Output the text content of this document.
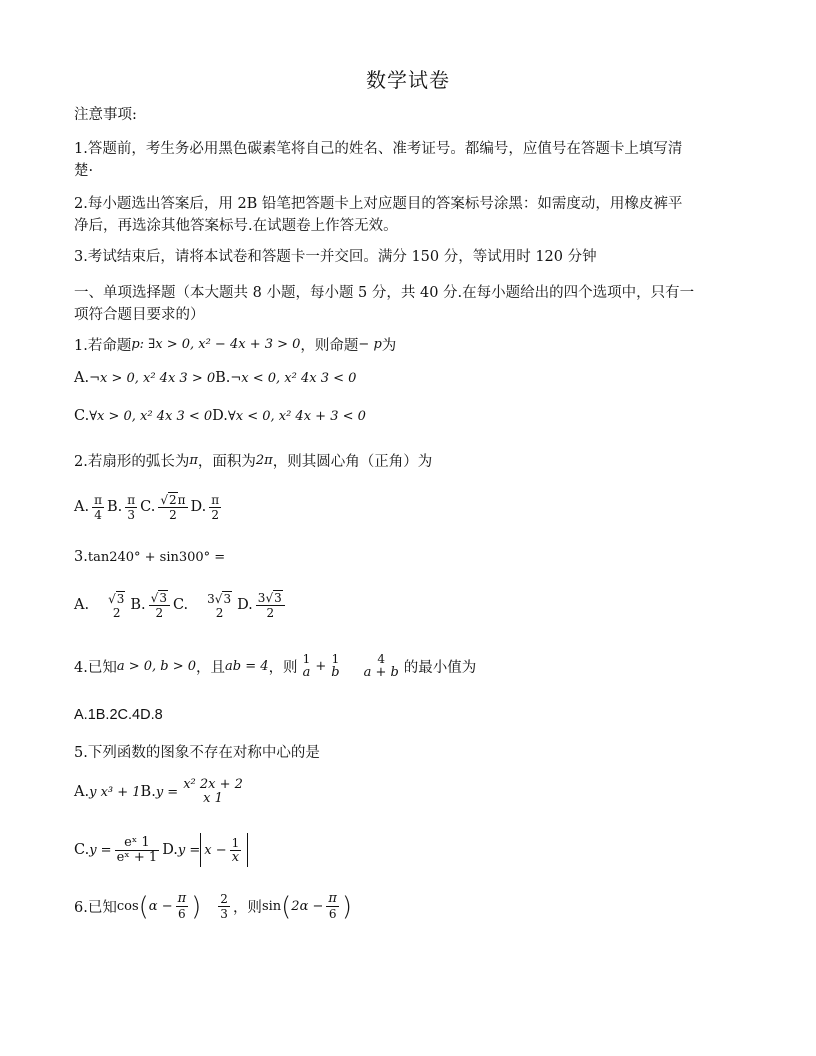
数学试卷
注意事项:
1.答题前，考生务必用黑色碳素笔将自己的姓名、准考证号。都编号，应值号在答题卡上填写清
楚·
2.每小题选出答案后，用 2B 铅笔把答题卡上对应题目的答案标号涂黑：如需度动，用橡皮裤平
净后，再选涂其他答案标号.在试题卷上作答无效。
3.考试结束后，请将本试卷和答题卡一并交回。满分 150 分，等试用时 120 分钟
一、单项选择题（本大题共 8 小题，每小题 5 分，共 40 分.在每小题给出的四个选项中，只有一
项符合题目要求的）
1.若命题 p: ∃x > 0, x² − 4x + 3 > 0 ，则命题 − p 为
A. ¬x > 0, x² 4x 3 > 0 B. ¬x < 0, x² 4x 3 < 0
C. ∀x > 0, x² 4x 3 < 0 D. ∀x < 0, x² 4x + 3 < 0
2.若扇形的弧长为 π ，面积为 2π ，则其圆心角（正角）为
A. $\frac{\pi}{4} B$. $\frac{\pi}{3} C$. $\frac{√ 2 \pi}{2} D$. $\frac{\pi}{2}$
3. tan240° + sin300° =
A. √ 3
2 B. $\frac{√ 3}{2} C$. 3√ 3
2 D. $\frac{3√ 3}{2}$
4.已知 a > 0, b > 0 ，且 ab = 4 ，则
1
a + 1
b
4
a + b 的最小值为
A.1B.2C.4D.8
5.下列函数的图象不存在对称中心的是
A. y x³ + 1 B. y = x² 2x + 2
x 1
C. $y = \frac{\text{eˣ 1}}{\text{eˣ + 1}} D$. $y = x - \frac{1}{x}$
6.已知 cos ( $\alpha - \frac{\pi}{6}$ ) $\frac{2}{3}$ ，则 sin ( $2\alpha - \frac{\pi}{6}$ )
